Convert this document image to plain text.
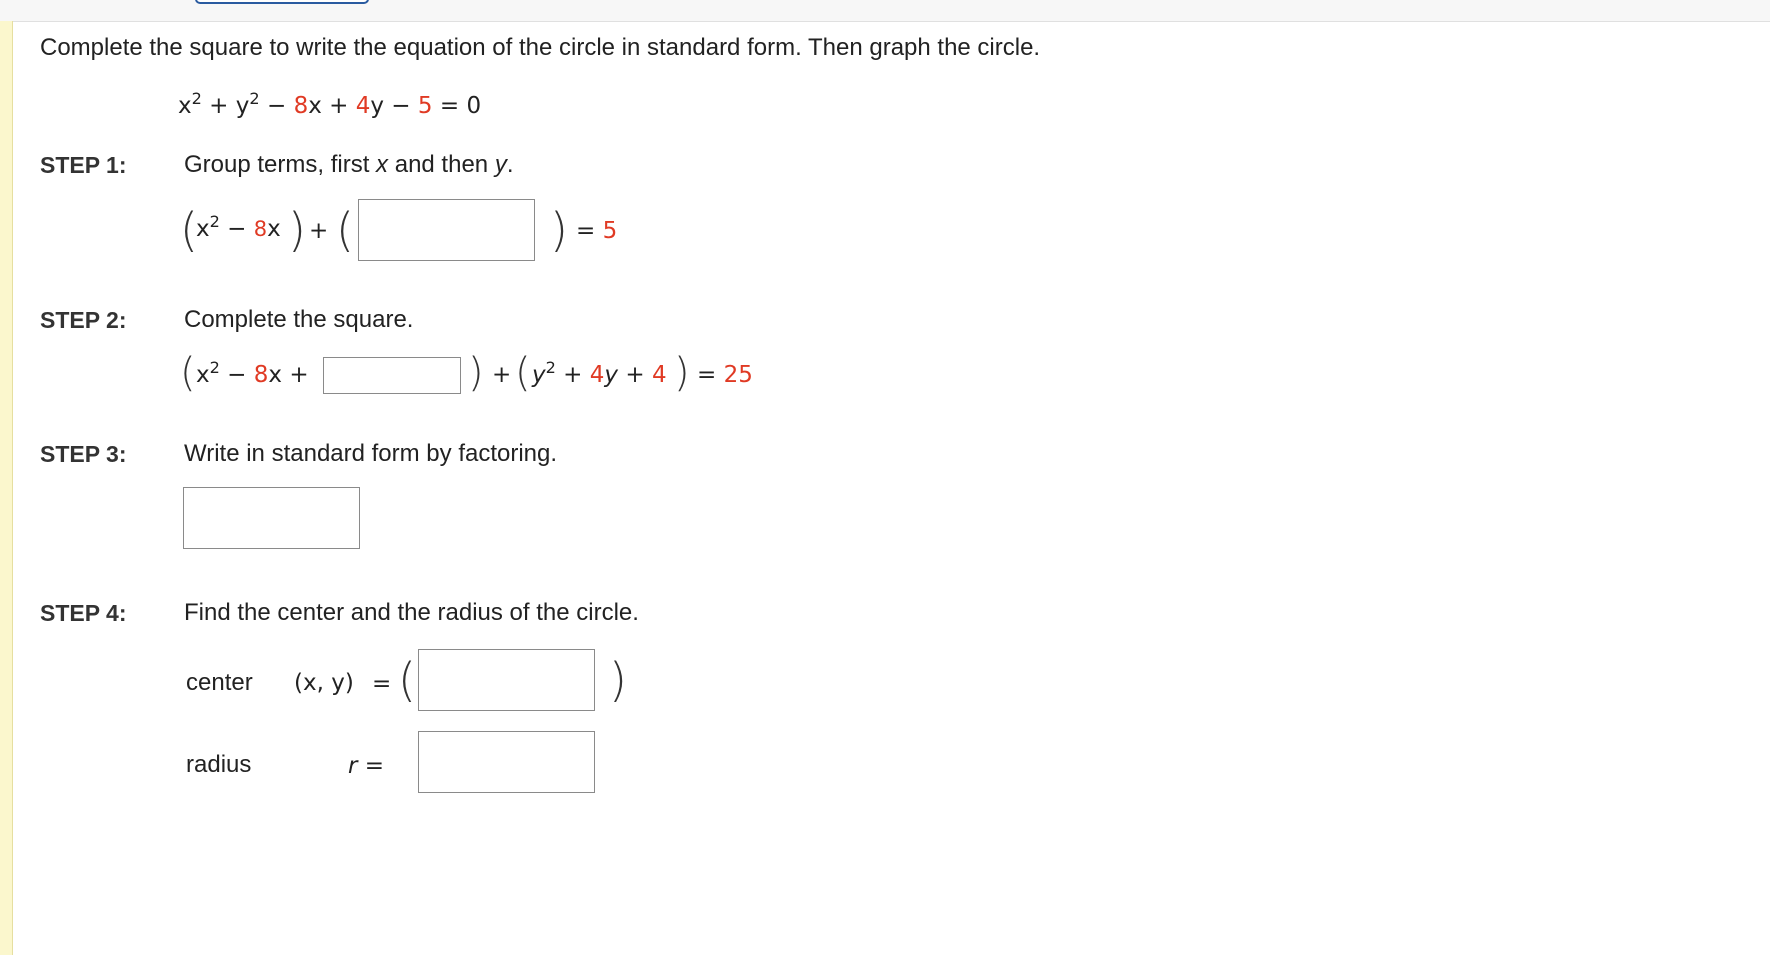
Complete the square to write the equation of the circle in standard form. Then graph the circle.
$x^2 + y^2 - 8x + 4y - 5 = 0$
STEP 1: Group terms, first x and then y.
(
$x^2 - 8x$ ) + (	) = 5
STEP 2: Complete the square.
( $x^2 - 8x$ +	) + ( $y^2 + 4y + 4$ ) = 25
STEP 3: Write in standard form by factoring.
STEP 4: Find the center and the radius of the circle.
center (x, y) = (	)
radius	r =
